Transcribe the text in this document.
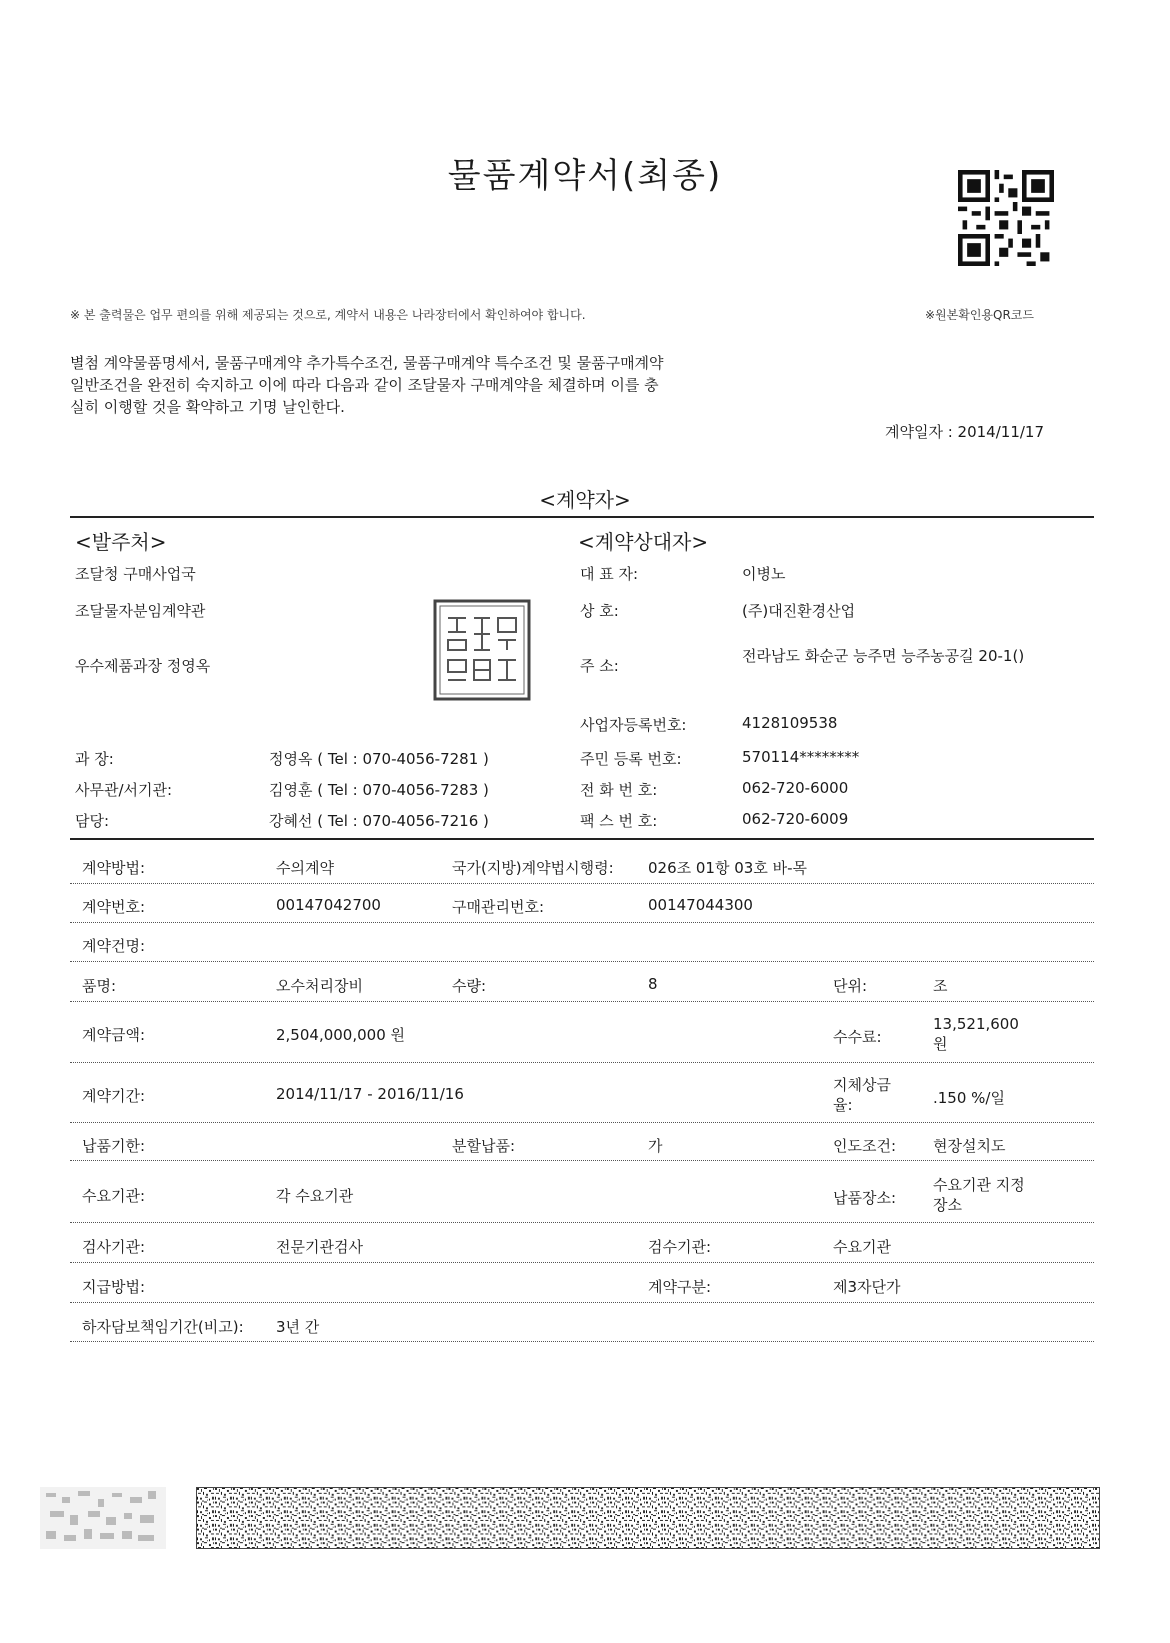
물품계약서(최종)
※원본확인용QR코드
※ 본 출력물은 업무 편의를 위해 제공되는 것으로, 계약서 내용은 나라장터에서 확인하여야 합니다.
별첨 계약물품명세서, 물품구매계약 추가특수조건, 물품구매계약 특수조건 및 물품구매계약 일반조건을 완전히 숙지하고 이에 따라 다음과 같이 조달물자 구매계약을 체결하며 이를 충실히 이행할 것을 확약하고 기명 날인한다.
계약일자 : 2014/11/17
<계약자>
<발주처>
조달청 구매사업국
조달물자분임계약관
우수제품과장 정영옥
과 장:	정영옥 ( Tel : 070-4056-7281 )
사무관/서기관:	김영훈 ( Tel : 070-4056-7283 )
담당:	강혜선 ( Tel : 070-4056-7216 )
<계약상대자>
대 표 자:	이병노
상 호:	(주)대진환경산업
주 소:
전라남도 화순군 능주면 능주농공길 20-1()
사업자등록번호:	4128109538
주민 등록 번호:	570114********
전 화 번 호:	062-720-6000
팩 스 번 호:	062-720-6009
계약방법:	수의계약	국가(지방)계약법시행령: 026조 01항 03호 바-목
계약번호:	00147042700	구매관리번호:	00147044300
계약건명:
품명:	오수처리장비	수량:	8	단위:	조
계약금액:	2,504,000,000 원	수수료:
13,521,600 원
계약기간:	2014/11/17 - 2016/11/16	지체상금율:	.150 %/일
납품기한:	분할납품:	가	인도조건: 현장설치도
수요기관:	각 수요기관	납품장소:
수요기관 지정장소
검사기관:	전문기관검사	검수기관:	수요기관
지급방법:	계약구분:	제3자단가
하자담보책임기간(비고): 3년 간
